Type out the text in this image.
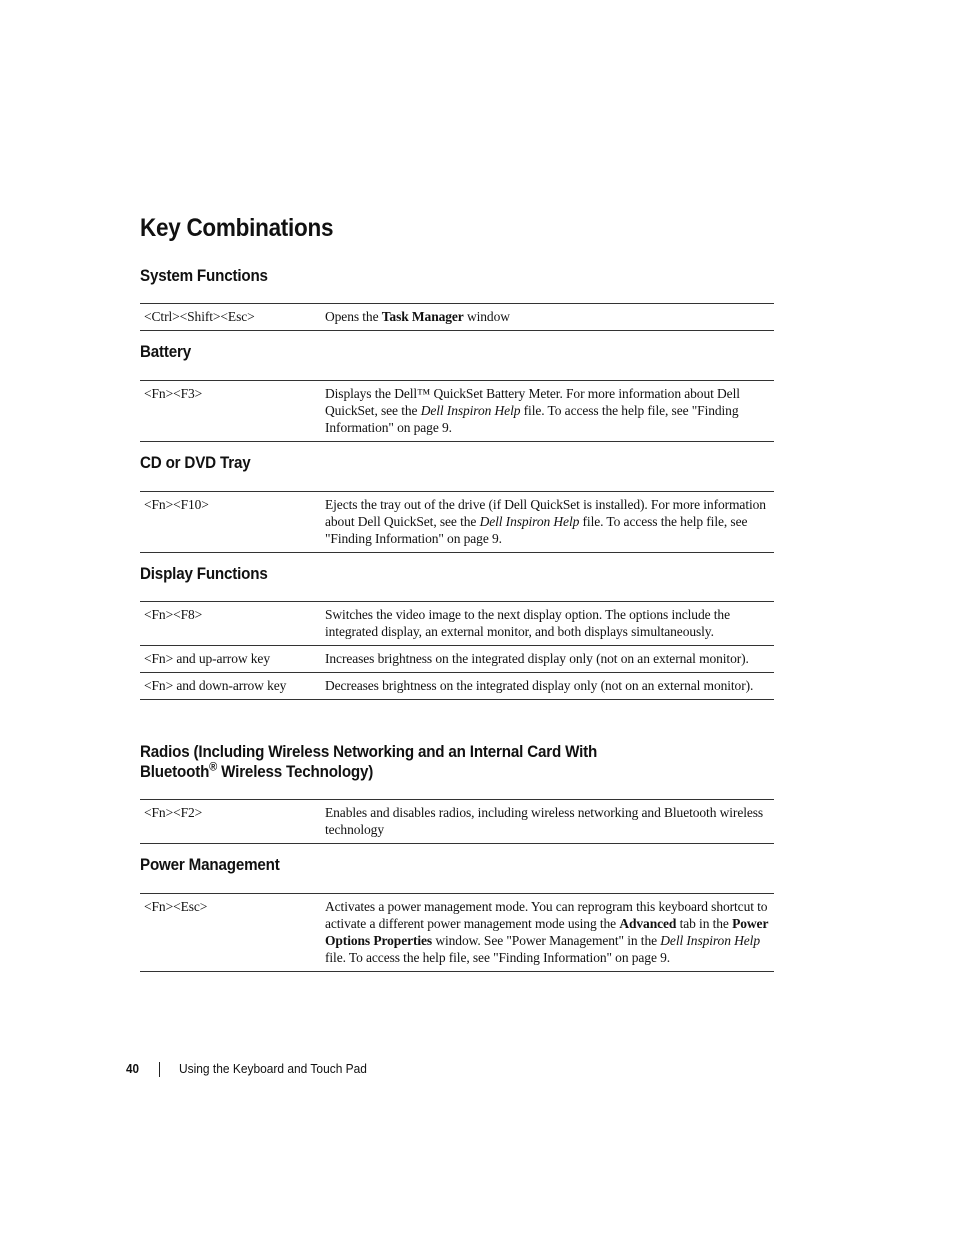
Key Combinations
System Functions
<Ctrl><Shift><Esc>	Opens the Task Manager window
Battery
<Fn><F3>	Displays the Dell™ QuickSet Battery Meter. For more information about Dell QuickSet, see the Dell Inspiron Help file. To access the help file, see "Finding Information" on page 9.
CD or DVD Tray
<Fn><F10>	Ejects the tray out of the drive (if Dell QuickSet is installed). For more information about Dell QuickSet, see the Dell Inspiron Help file. To access the help file, see "Finding Information" on page 9.
Display Functions
<Fn><F8>	Switches the video image to the next display option. The options include the integrated display, an external monitor, and both displays simultaneously.
<Fn> and up-arrow key	Increases brightness on the integrated display only (not on an external monitor).
<Fn> and down-arrow key	Decreases brightness on the integrated display only (not on an external monitor).
Radios (Including Wireless Networking and an Internal Card With
Bluetooth® Wireless Technology)
<Fn><F2>	Enables and disables radios, including wireless networking and Bluetooth wireless technology
Power Management
<Fn><Esc>	Activates a power management mode. You can reprogram this keyboard shortcut to activate a different power management mode using the Advanced tab in the Power Options Properties window. See "Power Management" in the Dell Inspiron Help file. To access the help file, see "Finding Information" on page 9.
40	Using the Keyboard and Touch Pad
